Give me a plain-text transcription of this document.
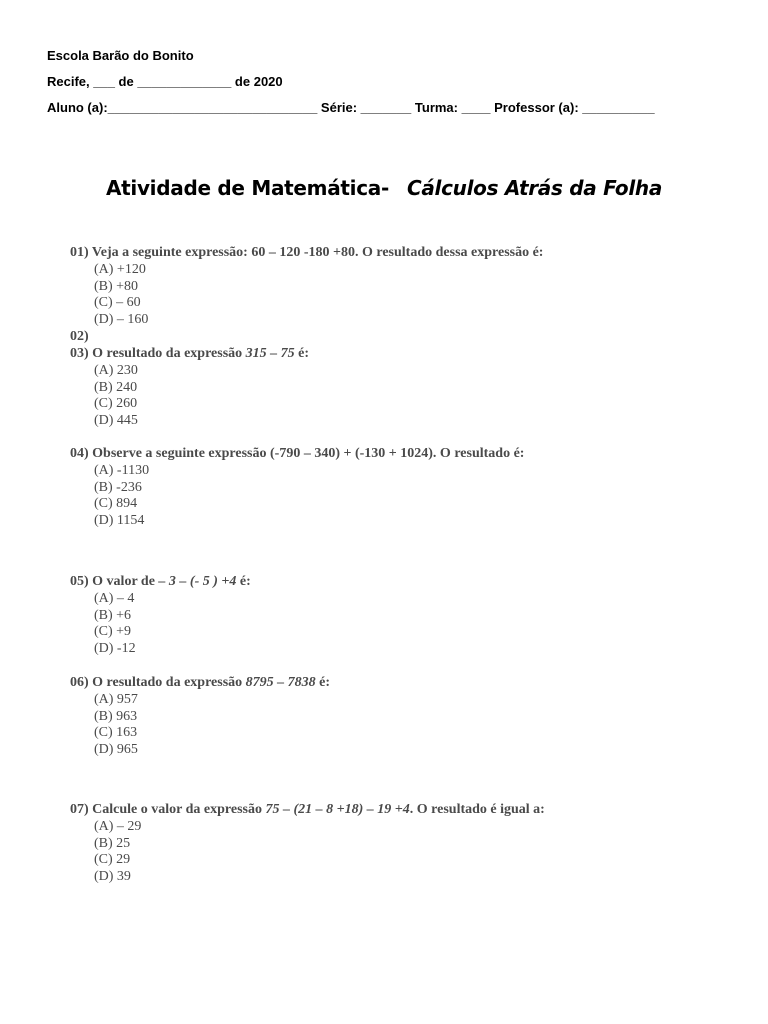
Escola Barão do Bonito
Recife, ___ de _____________ de 2020
Aluno (a):_____________________________ Série: _______ Turma: ____ Professor (a): __________
Atividade de Matemática- Cálculos Atrás da Folha
01) Veja a seguinte expressão: 60 – 120 -180 +80. O resultado dessa expressão é:
(A) +120
(B) +80
(C) – 60
(D) – 160
02)
03) O resultado da expressão 315 – 75 é:
(A) 230
(B) 240
(C) 260
(D) 445
04) Observe a seguinte expressão (-790 – 340) + (-130 + 1024). O resultado é:
(A) -1130
(B) -236
(C) 894
(D) 1154
05) O valor de – 3 – (- 5 ) +4 é:
(A) – 4
(B) +6
(C) +9
(D) -12
06) O resultado da expressão 8795 – 7838 é:
(A) 957
(B) 963
(C) 163
(D) 965
07) Calcule o valor da expressão 75 – (21 – 8 +18) – 19 +4. O resultado é igual a:
(A) – 29
(B) 25
(C) 29
(D) 39
